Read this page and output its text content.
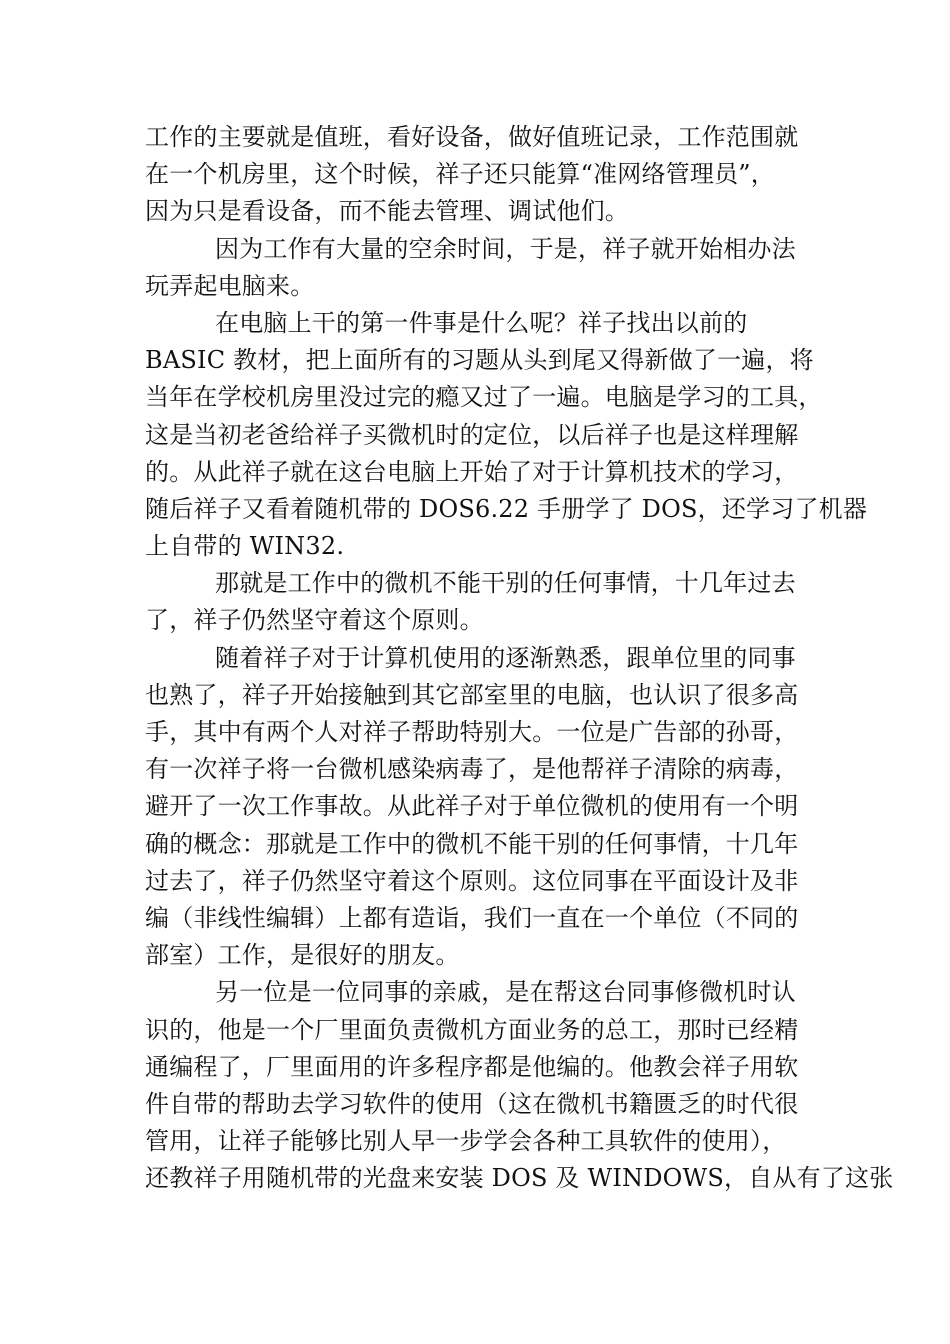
工作的主要就是值班，看好设备，做好值班记录，工作范围就
在一个机房里，这个时候，祥子还只能算“准网络管理员”，
因为只是看设备，而不能去管理、调试他们。
因为工作有大量的空余时间，于是，祥子就开始相办法
玩弄起电脑来。
在电脑上干的第一件事是什么呢？祥子找出以前的
BASIC 教材，把上面所有的习题从头到尾又得新做了一遍，将
当年在学校机房里没过完的瘾又过了一遍。电脑是学习的工具，
这是当初老爸给祥子买微机时的定位，以后祥子也是这样理解
的。从此祥子就在这台电脑上开始了对于计算机技术的学习，
随后祥子又看着随机带的 DOS6.22 手册学了 DOS，还学习了机器
上自带的 WIN32.
那就是工作中的微机不能干别的任何事情，十几年过去
了，祥子仍然坚守着这个原则。
随着祥子对于计算机使用的逐渐熟悉，跟单位里的同事
也熟了，祥子开始接触到其它部室里的电脑，也认识了很多高
手，其中有两个人对祥子帮助特别大。一位是广告部的孙哥，
有一次祥子将一台微机感染病毒了，是他帮祥子清除的病毒，
避开了一次工作事故。从此祥子对于单位微机的使用有一个明
确的概念：那就是工作中的微机不能干别的任何事情，十几年
过去了，祥子仍然坚守着这个原则。这位同事在平面设计及非
编（非线性编辑）上都有造诣，我们一直在一个单位（不同的
部室）工作，是很好的朋友。
另一位是一位同事的亲戚，是在帮这台同事修微机时认
识的，他是一个厂里面负责微机方面业务的总工，那时已经精
通编程了，厂里面用的许多程序都是他编的。他教会祥子用软
件自带的帮助去学习软件的使用（这在微机书籍匮乏的时代很
管用，让祥子能够比别人早一步学会各种工具软件的使用），
还教祥子用随机带的光盘来安装 DOS 及 WINDOWS，自从有了这张
